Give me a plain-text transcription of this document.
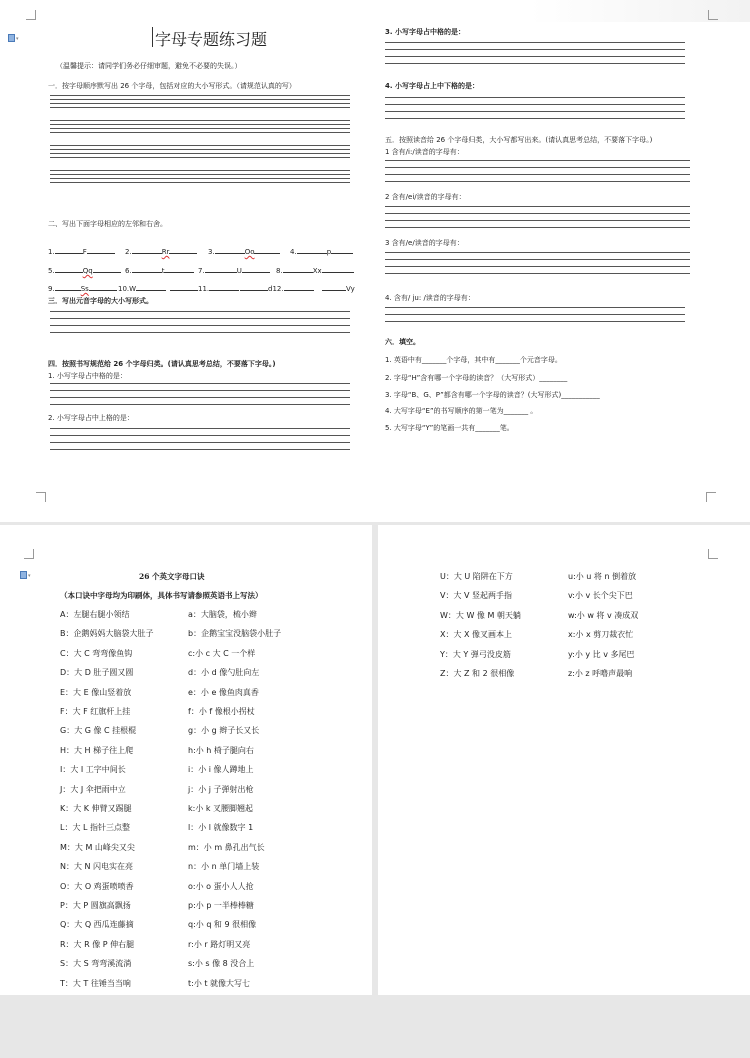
▾	字母专题练习题
（温馨提示：请同学们务必仔细审题，避免不必要的失误。）
一．按字母顺序默写出 26 个字母，包括对应的大小写形式。（请规范认真的写）
二、写出下面字母相应的左邻和右舍。
1.	F	2.	Rr	3.	Oo	4.	p
5.	Qq	6.	t	7.	U	8.	Xx
9.	Ss	10.W	11.	d12.	Vy
三．写出元音字母的大小写形式。
四．按照书写规范给 26 个字母归类。(请认真思考总结，不要落下字母。)
1. 小写字母占中格的是：
2. 小写字母占中上格的是：
3. 小写字母占中格的是：
4. 小写字母占上中下格的是：
五．按照读音给 26 个字母归类，大小写都写出来。(请认真思考总结，不要落下字母。)
1 含有/i:/读音的字母有：
2 含有/ei/读音的字母有：
3 含有/e/读音的字母有：
4. 含有/ ju: /读音的字母有：
六．填空。
1. 英语中有_______个字母，其中有_______个元音字母。
2. 字母“H”含有哪一个字母的读音？（大写形式）________
3. 字母“B、G、P”都含有哪一个字母的读音？(大写形式)___________
4. 大写字母“E”的书写顺序的第一笔为_______ 。
5. 大写字母“Y”的笔画一共有_______笔。
▾	26 个英文字母口诀
（本口诀中字母均为印刷体，具体书写请参照英语书上写法）
A：左腿右腿小领结	a：大脑袋，梳小辫
B：企鹅妈妈大脑袋大肚子	b：企鹅宝宝没脑袋小肚子
C：大 C 弯弯像鱼钩	c:小 c 大 C 一个样
D：大 D 肚子圆又圆	d：小 d 像勺肚向左
E：大 E 像山竖着放	e：小 e 像鱼肉真香
F：大 F 红旗杆上挂	f：小 f 像根小拐杖
G：大 G 像 C 挂根棍	g：小 g 辫子长又长
H：大 H 梯子往上爬	h:小 h 椅子腿向右
I：大 I 工字中间长	i：小 i 像人蹲地上
J：大 J 伞把雨中立	j：小 j 子弹射出枪
K：大 K 伸臂又踢腿	k:小 k 叉腰脚翘起
L：大 L 指针三点整	l：小 l 就像数字 1
M：大 M 山峰尖又尖	m：小 m 鼻孔出气长
N：大 N 闪电实在亮	n：小 n 单门墙上装
O：大 O 鸡蛋喷喷香	o:小 o 蛋小人人抢
P：大 P 圆旗高飘扬	p:小 p 一半棒棒糖
Q：大 Q 西瓜连藤摘	q:小 q 和 9 很相像
R：大 R 像 P 伸右腿	r:小 r 路灯明又亮
S：大 S 弯弯溪流淌	s:小 s 像 8 没合上
T：大 T 往锤当当响	t:小 t 就像大写七
U：大 U 陷阱在下方	u:小 u 将 n 倒着放
V：大 V 竖起两手指	v:小 v 长个尖下巴
W：大 W 像 M 朝天躺	w:小 w 将 v 凑成双
X：大 X 像叉画本上	x:小 x 剪刀裁衣忙
Y：大 Y 弹弓没皮筋	y:小 y 比 v 多尾巴
Z：大 Z 和 2 很相像	z:小 z 呼噜声最响
